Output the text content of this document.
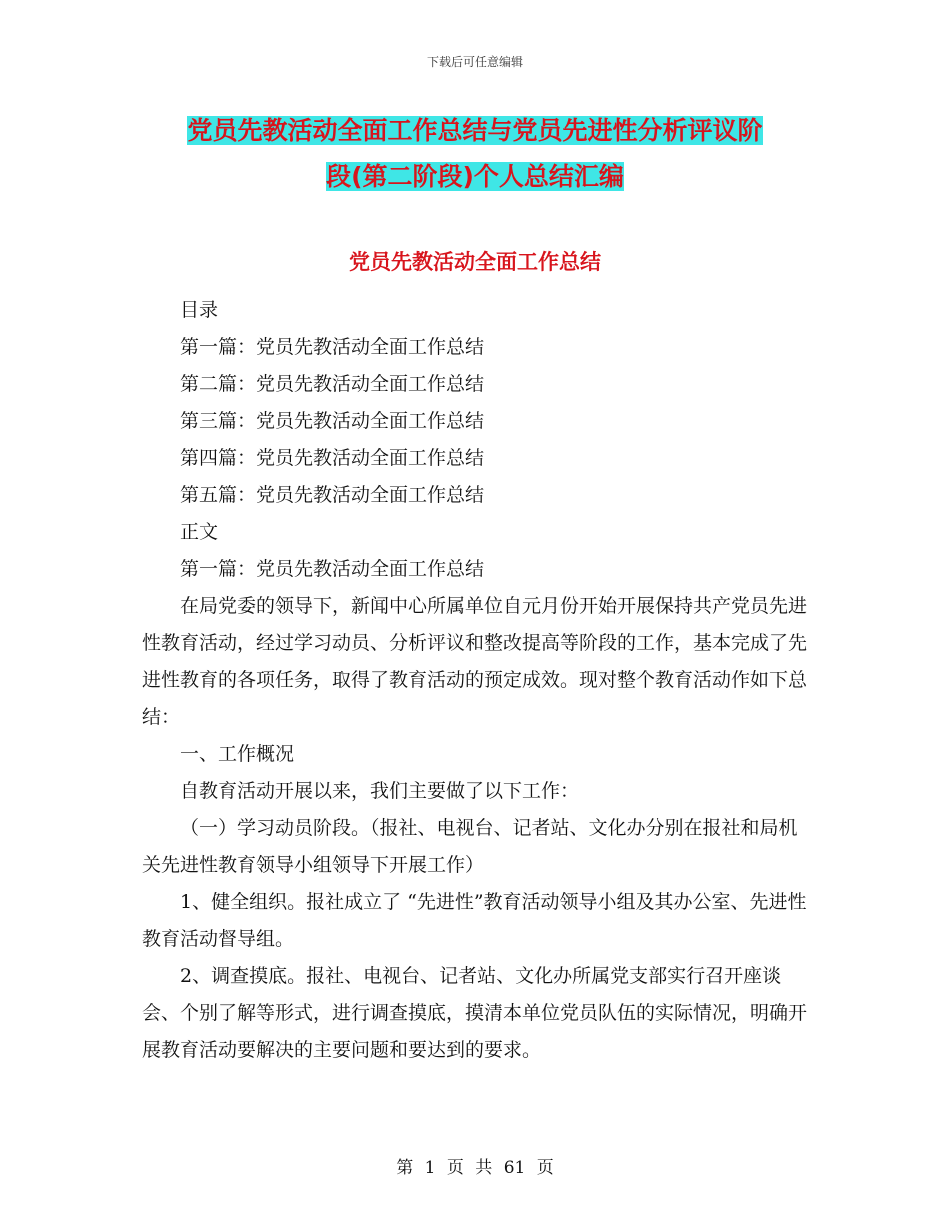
下载后可任意编辑
党员先教活动全面工作总结与党员先进性分析评议阶
段(第二阶段)个人总结汇编
党员先教活动全面工作总结

目录

第一篇：党员先教活动全面工作总结

第二篇：党员先教活动全面工作总结

第三篇：党员先教活动全面工作总结

第四篇：党员先教活动全面工作总结

第五篇：党员先教活动全面工作总结

正文

第一篇：党员先教活动全面工作总结

在局党委的领导下，新闻中心所属单位自元月份开始开展保持共产党员先进性教育活动，经过学习动员、分析评议和整改提高等阶段的工作，基本完成了先进性教育的各项任务，取得了教育活动的预定成效。现对整个教育活动作如下总结：

一、工作概况

自教育活动开展以来，我们主要做了以下工作：

（一）学习动员阶段。（报社、电视台、记者站、文化办分别在报社和局机关先进性教育领导小组领导下开展工作）

1、健全组织。报社成立了 “先进性”教育活动领导小组及其办公室、先进性教育活动督导组。

2、调查摸底。报社、电视台、记者站、文化办所属党支部实行召开座谈会、个别了解等形式，进行调查摸底，摸清本单位党员队伍的实际情况，明确开展教育活动要解决的主要问题和要达到的要求。

第 1 页 共 61 页
